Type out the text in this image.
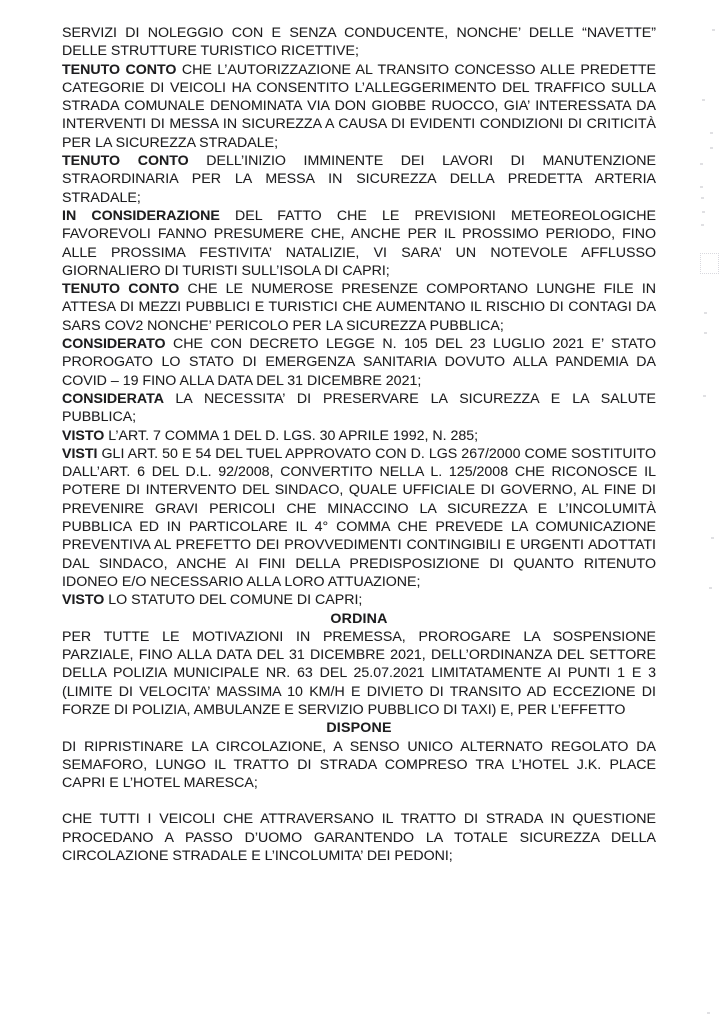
SERVIZI DI NOLEGGIO CON E SENZA CONDUCENTE, NONCHE’ DELLE “NAVETTE” DELLE STRUTTURE TURISTICO RICETTIVE;

TENUTO CONTO CHE L’AUTORIZZAZIONE AL TRANSITO CONCESSO ALLE PREDETTE CATEGORIE DI VEICOLI HA CONSENTITO L’ALLEGGERIMENTO DEL TRAFFICO SULLA STRADA COMUNALE DENOMINATA VIA DON GIOBBE RUOCCO, GIA’ INTERESSATA DA INTERVENTI DI MESSA IN SICUREZZA A CAUSA DI EVIDENTI CONDIZIONI DI CRITICITÀ PER LA SICUREZZA STRADALE;

TENUTO CONTO DELL’INIZIO IMMINENTE DEI LAVORI DI MANUTENZIONE STRAORDINARIA PER LA MESSA IN SICUREZZA DELLA PREDETTA ARTERIA STRADALE;

IN CONSIDERAZIONE DEL FATTO CHE LE PREVISIONI METEOREOLOGICHE FAVOREVOLI FANNO PRESUMERE CHE, ANCHE PER IL PROSSIMO PERIODO, FINO ALLE PROSSIMA FESTIVITA’ NATALIZIE, VI SARA’ UN NOTEVOLE AFFLUSSO GIORNALIERO DI TURISTI SULL’ISOLA DI CAPRI;

TENUTO CONTO CHE LE NUMEROSE PRESENZE COMPORTANO LUNGHE FILE IN ATTESA DI MEZZI PUBBLICI E TURISTICI CHE AUMENTANO IL RISCHIO DI CONTAGI DA SARS COV2 NONCHE’ PERICOLO PER LA SICUREZZA PUBBLICA;

CONSIDERATO CHE CON DECRETO LEGGE N. 105 DEL 23 LUGLIO 2021 E’ STATO PROROGATO LO STATO DI EMERGENZA SANITARIA DOVUTO ALLA PANDEMIA DA COVID – 19 FINO ALLA DATA DEL 31 DICEMBRE 2021;

CONSIDERATA LA NECESSITA’ DI PRESERVARE LA SICUREZZA E LA SALUTE PUBBLICA;

VISTO L’ART. 7 COMMA 1 DEL D. LGS. 30 APRILE 1992, N. 285;

VISTI GLI ART. 50 E 54 DEL TUEL APPROVATO CON D. LGS 267/2000 COME SOSTITUITO DALL’ART. 6 DEL D.L. 92/2008, CONVERTITO NELLA L. 125/2008 CHE RICONOSCE IL POTERE DI INTERVENTO DEL SINDACO, QUALE UFFICIALE DI GOVERNO, AL FINE DI PREVENIRE GRAVI PERICOLI CHE MINACCINO LA SICUREZZA E L’INCOLUMITÀ PUBBLICA ED IN PARTICOLARE IL 4° COMMA CHE PREVEDE LA COMUNICAZIONE PREVENTIVA AL PREFETTO DEI PROVVEDIMENTI CONTINGIBILI E URGENTI ADOTTATI DAL SINDACO, ANCHE AI FINI DELLA PREDISPOSIZIONE DI QUANTO RITENUTO IDONEO E/O NECESSARIO ALLA LORO ATTUAZIONE;

VISTO LO STATUTO DEL COMUNE DI CAPRI;

ORDINA

PER TUTTE LE MOTIVAZIONI IN PREMESSA, PROROGARE LA SOSPENSIONE PARZIALE, FINO ALLA DATA DEL 31 DICEMBRE 2021, DELL’ORDINANZA DEL SETTORE DELLA POLIZIA MUNICIPALE NR. 63 DEL 25.07.2021 LIMITATAMENTE AI PUNTI 1 E 3 (LIMITE DI VELOCITA’ MASSIMA 10 KM/H E DIVIETO DI TRANSITO AD ECCEZIONE DI FORZE DI POLIZIA, AMBULANZE E SERVIZIO PUBBLICO DI TAXI) E, PER L’EFFETTO

DISPONE

DI RIPRISTINARE LA CIRCOLAZIONE, A SENSO UNICO ALTERNATO REGOLATO DA SEMAFORO, LUNGO IL TRATTO DI STRADA COMPRESO TRA L’HOTEL J.K. PLACE CAPRI E L’HOTEL MARESCA;

CHE TUTTI I VEICOLI CHE ATTRAVERSANO IL TRATTO DI STRADA IN QUESTIONE PROCEDANO A PASSO D’UOMO GARANTENDO LA TOTALE SICUREZZA DELLA CIRCOLAZIONE STRADALE E L’INCOLUMITA’ DEI PEDONI;
